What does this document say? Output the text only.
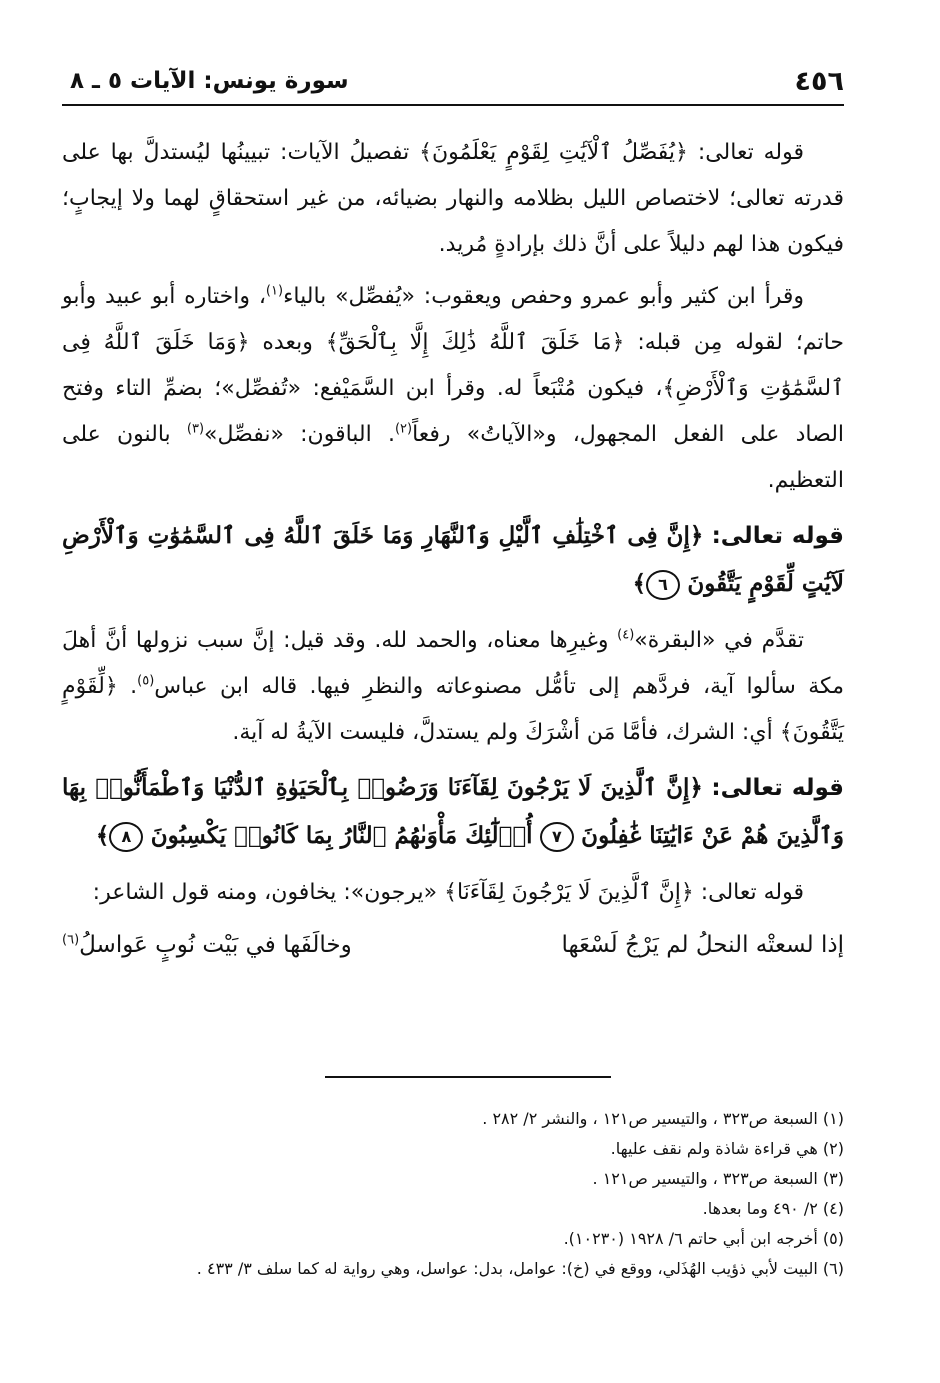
٤٥٦
سورة يونس: الآيات ٥ ـ ٨

قوله تعالى: ﴿يُفَصِّلُ ٱلْآيَٰتِ لِقَوْمٍ يَعْلَمُونَ﴾ تفصيلُ الآيات: تبيينُها ليُستدلَّ بها على قدرته تعالى؛ لاختصاص الليل بظلامه والنهار بضيائه، من غير استحقاقٍ لهما ولا إيجابٍ؛ فيكون هذا لهم دليلاً على أنَّ ذلك بإرادةٍ مُريد.

وقرأ ابن كثير وأبو عمرو وحفص ويعقوب: «يُفصِّل» بالياء$^{(١)}$، واختاره أبو عبيد وأبو حاتم؛ لقوله مِن قبله: ﴿مَا خَلَقَ ٱللَّهُ ذَٰلِكَ إِلَّا بِٱلْحَقِّ﴾ وبعده ﴿وَمَا خَلَقَ ٱللَّهُ فِى ٱلسَّمَٰوَٰتِ وَٱلْأَرْضِ﴾، فيكون مُتْبَعاً له. وقرأ ابن السَّمَيْفع: «تُفصِّل»؛ بضمِّ التاء وفتح الصاد على الفعل المجهول، و«الآياتُ» رفعاً$^{(٢)}$. الباقون: «نفصِّل»$^{(٣)}$ بالنون على التعظيم.

قوله تعالى: ﴿إِنَّ فِى ٱخْتِلَٰفِ ٱلَّيْلِ وَٱلنَّهَارِ وَمَا خَلَقَ ٱللَّهُ فِى ٱلسَّمَٰوَٰتِ وَٱلْأَرْضِ لَآيَٰتٍ لِّقَوْمٍ يَتَّقُونَ ٦﴾

تقدَّم في «البقرة»$^{(٤)}$ وغيرِها معناه، والحمد لله. وقد قيل: إنَّ سبب نزولها أنَّ أهلَ مكة سألوا آية، فردَّهم إلى تأمُّل مصنوعاته والنظرِ فيها. قاله ابن عباس$^{(٥)}$. ﴿لِّقَوْمٍ يَتَّقُونَ﴾ أي: الشرك، فأمَّا مَن أشْرَكَ ولم يستدلَّ، فليست الآيةُ له آية.

قوله تعالى: ﴿إِنَّ ٱلَّذِينَ لَا يَرْجُونَ لِقَآءَنَا وَرَضُوا۟ بِٱلْحَيَوٰةِ ٱلدُّنْيَا وَٱطْمَأَنُّوا۟ بِهَا وَٱلَّذِينَ هُمْ عَنْ ءَايَٰتِنَا غَٰفِلُونَ ٧ أُو۟لَٰٓئِكَ مَأْوَىٰهُمُ ٱلنَّارُ بِمَا كَانُوا۟ يَكْسِبُونَ ٨﴾

قوله تعالى: ﴿إِنَّ ٱلَّذِينَ لَا يَرْجُونَ لِقَآءَنَا﴾ «يرجون»: يخافون، ومنه قول الشاعر:

إذا لسعتْه النحلُ لم يَرْجُ لَسْعَها
وخالَفَها في بَيْت نُوبٍ عَواسلُ$^{(٦)}$

(١) السبعة ص٣٢٣ ، والتيسير ص١٢١ ، والنشر ٢/ ٢٨٢ .

(٢) هي قراءة شاذة ولم نقف عليها.

(٣) السبعة ص٣٢٣ ، والتيسير ص١٢١ .

(٤) ٢/ ٤٩٠ وما بعدها.

(٥) أخرجه ابن أبي حاتم ٦/ ١٩٢٨ (١٠٢٣٠).

(٦) البيت لأبي ذؤيب الهُذَلي، ووقع في (خ): عوامل، بدل: عواسل، وهي رواية له كما سلف ٣/ ٤٣٣ .
